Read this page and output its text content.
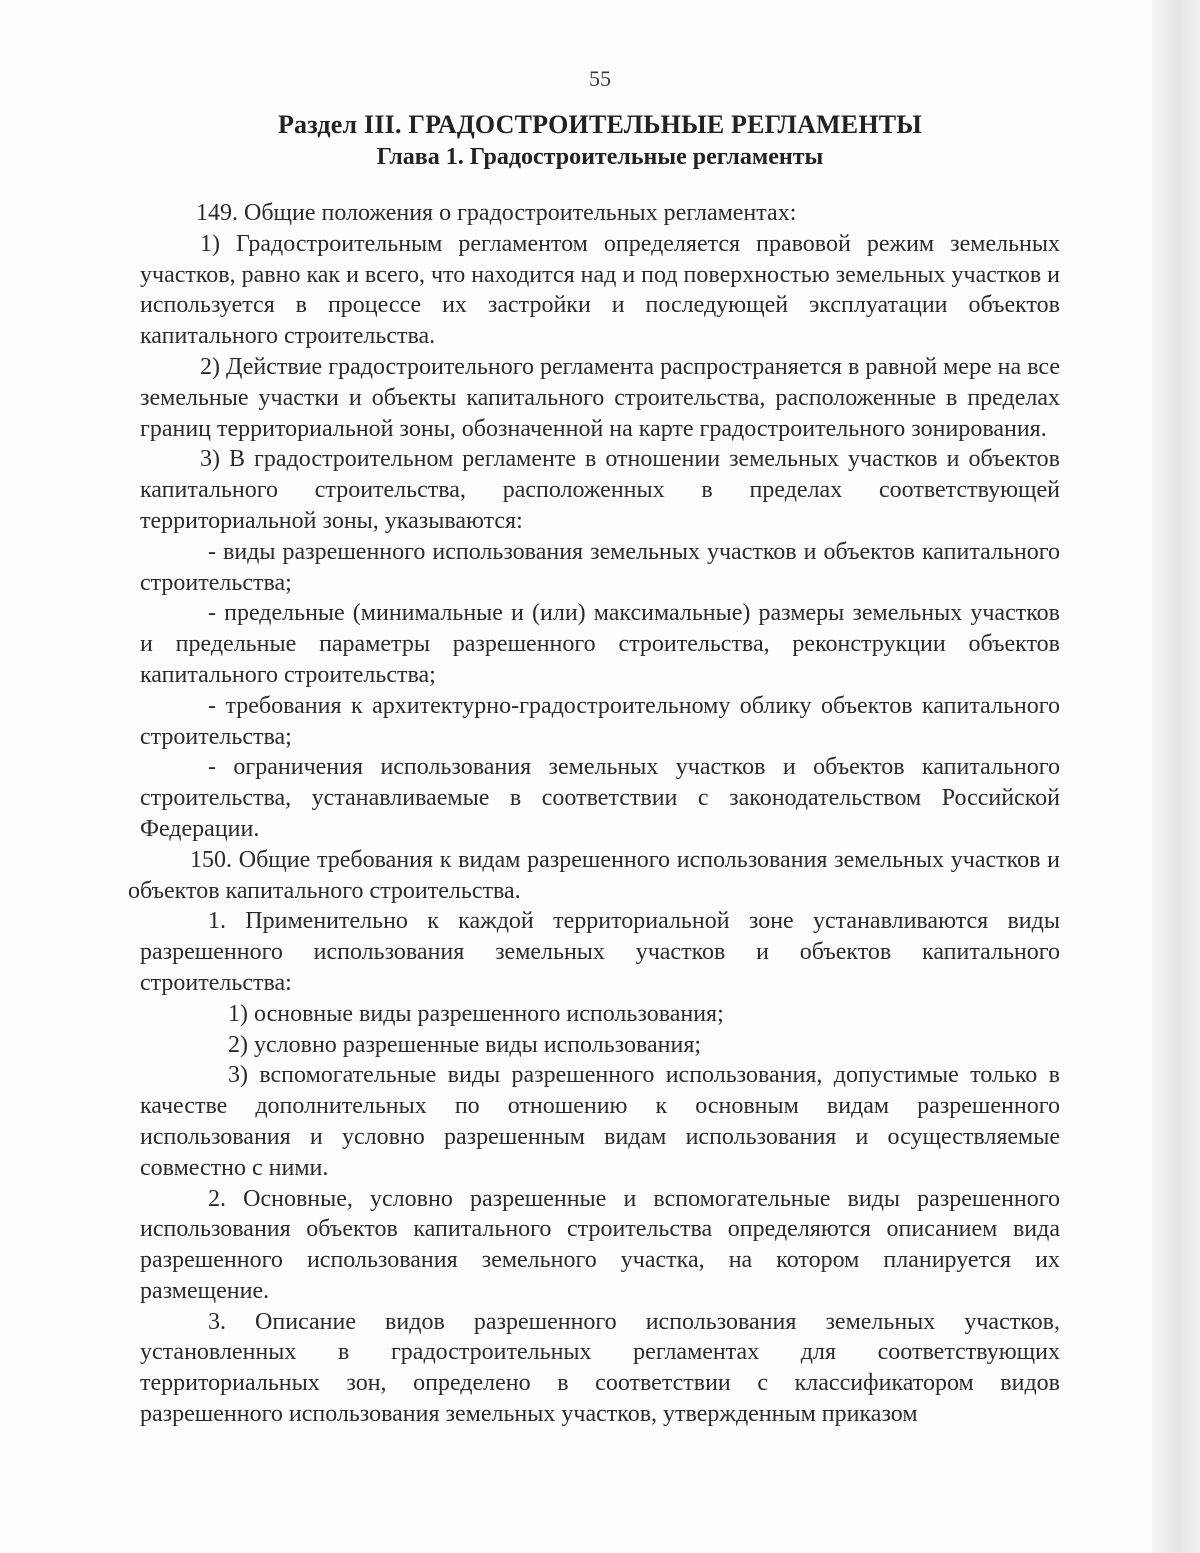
55
Раздел III. ГРАДОСТРОИТЕЛЬНЫЕ РЕГЛАМЕНТЫ
Глава 1. Градостроительные регламенты

149. Общие положения о градостроительных регламентах:

1) Градостроительным регламентом определяется правовой режим земельных участков, равно как и всего, что находится над и под поверхностью земельных участков и используется в процессе их застройки и последующей эксплуатации объектов капитального строительства.

2) Действие градостроительного регламента распространяется в равной мере на все земельные участки и объекты капитального строительства, расположенные в пределах границ территориальной зоны, обозначенной на карте градостроительного зонирования.

3) В градостроительном регламенте в отношении земельных участков и объектов капитального строительства, расположенных в пределах соответствующей территориальной зоны, указываются:

- виды разрешенного использования земельных участков и объектов капитального строительства;

- предельные (минимальные и (или) максимальные) размеры земельных участков и предельные параметры разрешенного строительства, реконструкции объектов капитального строительства;

- требования к архитектурно-градостроительному облику объектов капитального строительства;

- ограничения использования земельных участков и объектов капитального строительства, устанавливаемые в соответствии с законодательством Российской Федерации.

150. Общие требования к видам разрешенного использования земельных участков и объектов капитального строительства.

1. Применительно к каждой территориальной зоне устанавливаются виды разрешенного использования земельных участков и объектов капитального строительства:

1) основные виды разрешенного использования;

2) условно разрешенные виды использования;

3) вспомогательные виды разрешенного использования, допустимые только в качестве дополнительных по отношению к основным видам разрешенного использования и условно разрешенным видам использования и осуществляемые совместно с ними.

2. Основные, условно разрешенные и вспомогательные виды разрешенного использования объектов капитального строительства определяются описанием вида разрешенного использования земельного участка, на котором планируется их размещение.

3. Описание видов разрешенного использования земельных участков, установленных в градостроительных регламентах для соответствующих территориальных зон, определено в соответствии с классификатором видов разрешенного использования земельных участков, утвержденным приказом
